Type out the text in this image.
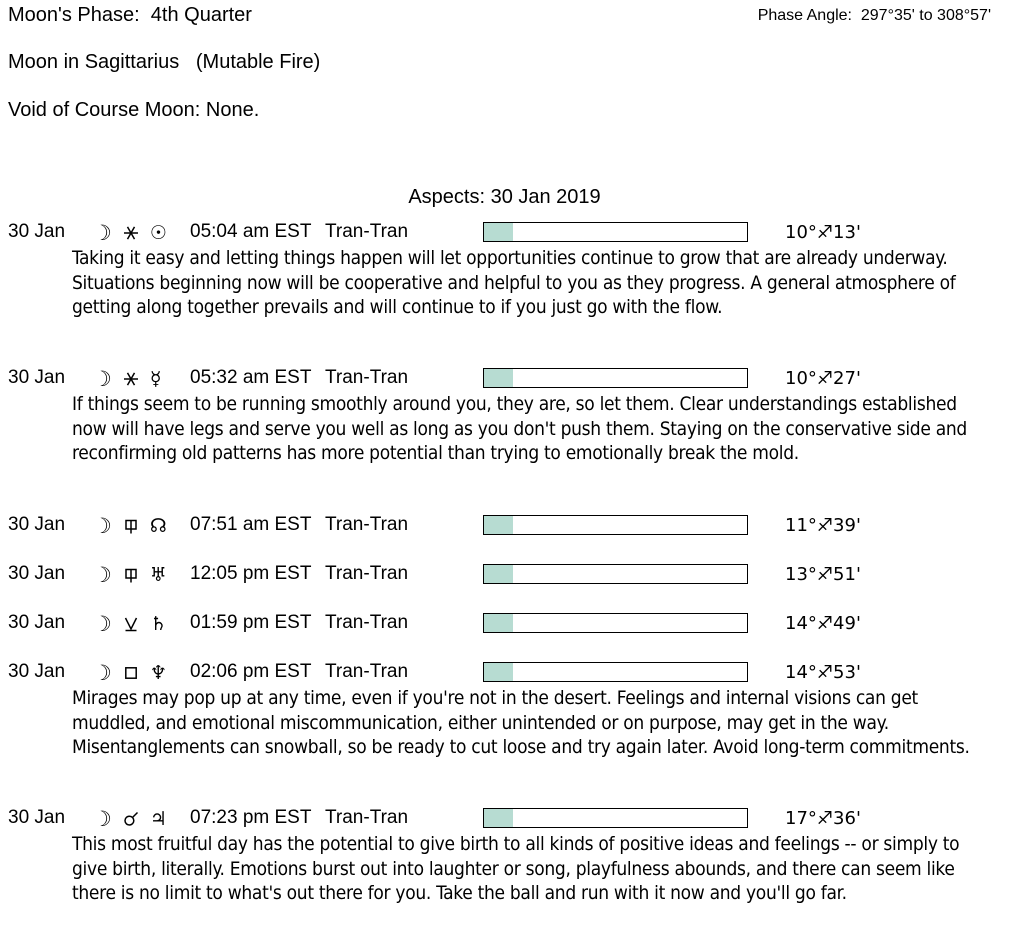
Moon's Phase:  4th Quarter	Phase Angle:  297°35' to 308°57'
Moon in Sagittarius   (Mutable Fire)
Void of Course Moon: None.
Aspects: 30 Jan 2019
30 Jan ☽ ☉ 05:04 am EST Tran-Tran	10°♐13'
Taking it easy and letting things happen will let opportunities continue to grow that are already underway. Situations beginning now will be cooperative and helpful to you as they progress. A general atmosphere of getting along together prevails and will continue to if you just go with the flow.
30 Jan ☽ ☿ 05:32 am EST Tran-Tran	10°♐27'
If things seem to be running smoothly around you, they are, so let them. Clear understandings established now will have legs and serve you well as long as you don't push them. Staying on the conservative side and reconfirming old patterns has more potential than trying to emotionally break the mold.
30 Jan ☽ ☊ 07:51 am EST Tran-Tran	11°♐39'
30 Jan ☽ ♅ 12:05 pm EST Tran-Tran	13°♐51'
30 Jan ☽ ♄ 01:59 pm EST Tran-Tran	14°♐49'
30 Jan ☽ ♆ 02:06 pm EST Tran-Tran	14°♐53'
Mirages may pop up at any time, even if you're not in the desert. Feelings and internal visions can get muddled, and emotional miscommunication, either unintended or on purpose, may get in the way. Misentanglements can snowball, so be ready to cut loose and try again later. Avoid long-term commitments.
30 Jan ☽ ♃ 07:23 pm EST Tran-Tran	17°♐36'
This most fruitful day has the potential to give birth to all kinds of positive ideas and feelings -- or simply to give birth, literally. Emotions burst out into laughter or song, playfulness abounds, and there can seem like there is no limit to what's out there for you. Take the ball and run with it now and you'll go far.
